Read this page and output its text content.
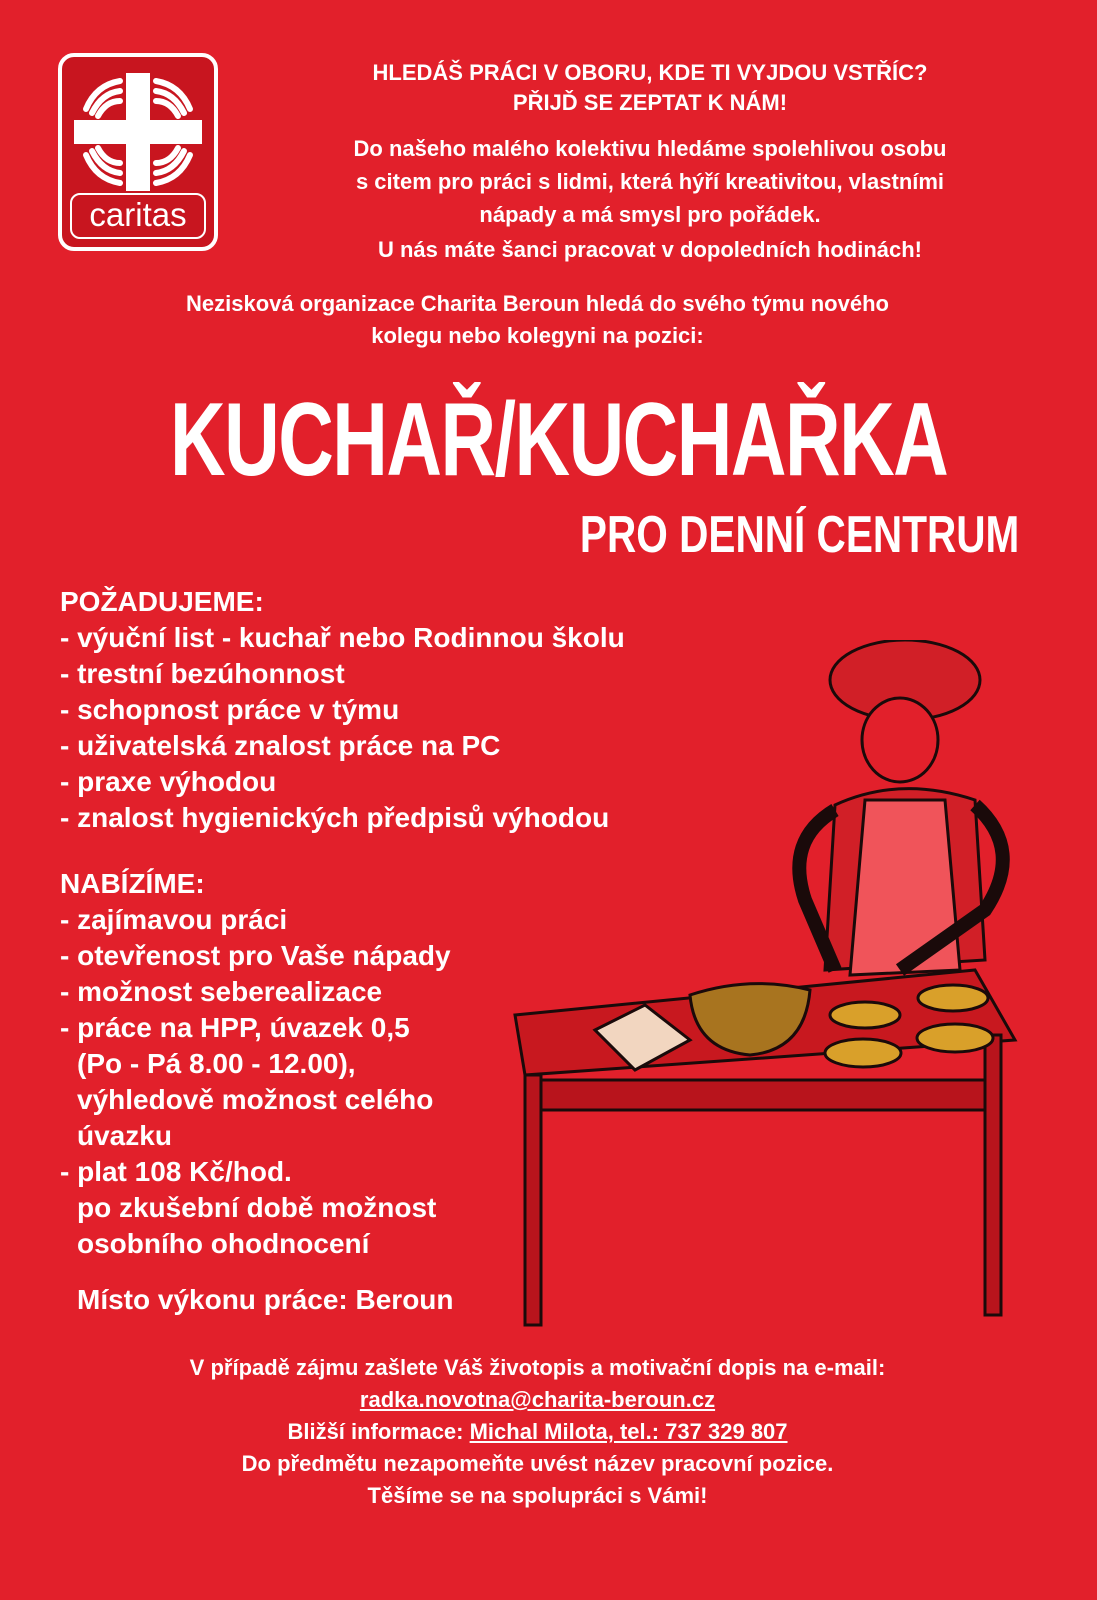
caritas
HLEDÁŠ PRÁCI V OBORU, KDE TI VYJDOU VSTŘÍC?
PŘIJĎ SE ZEPTAT K NÁM!
Do našeho malého kolektivu hledáme spolehlivou osobu
s citem pro práci s lidmi, která hýří kreativitou, vlastními
nápady a má smysl pro pořádek.
U nás máte šanci pracovat v dopoledních hodinách!
Nezisková organizace Charita Beroun hledá do svého týmu nového
kolegu nebo kolegyni na pozici:
KUCHAŘ/KUCHAŘKA
PRO DENNÍ CENTRUM
POŽADUJEME:
- výuční list - kuchař nebo Rodinnou školu
- trestní bezúhonnost
- schopnost práce v týmu
- uživatelská znalost práce na PC
- praxe výhodou
- znalost hygienických předpisů výhodou
NABÍZÍME:
- zajímavou práci
- otevřenost pro Vaše nápady
- možnost seberealizace
- práce na HPP, úvazek 0,5
(Po - Pá 8.00 - 12.00),
výhledově možnost celého
úvazku
- plat 108 Kč/hod.
po zkušební době možnost
osobního ohodnocení
Místo výkonu práce: Beroun
V případě zájmu zašlete Váš životopis a motivační dopis na e-mail:
radka.novotna@charita-beroun.cz
Bližší informace: Michal Milota, tel.: 737 329 807
Do předmětu nezapomeňte uvést název pracovní pozice.
Těšíme se na spolupráci s Vámi!
